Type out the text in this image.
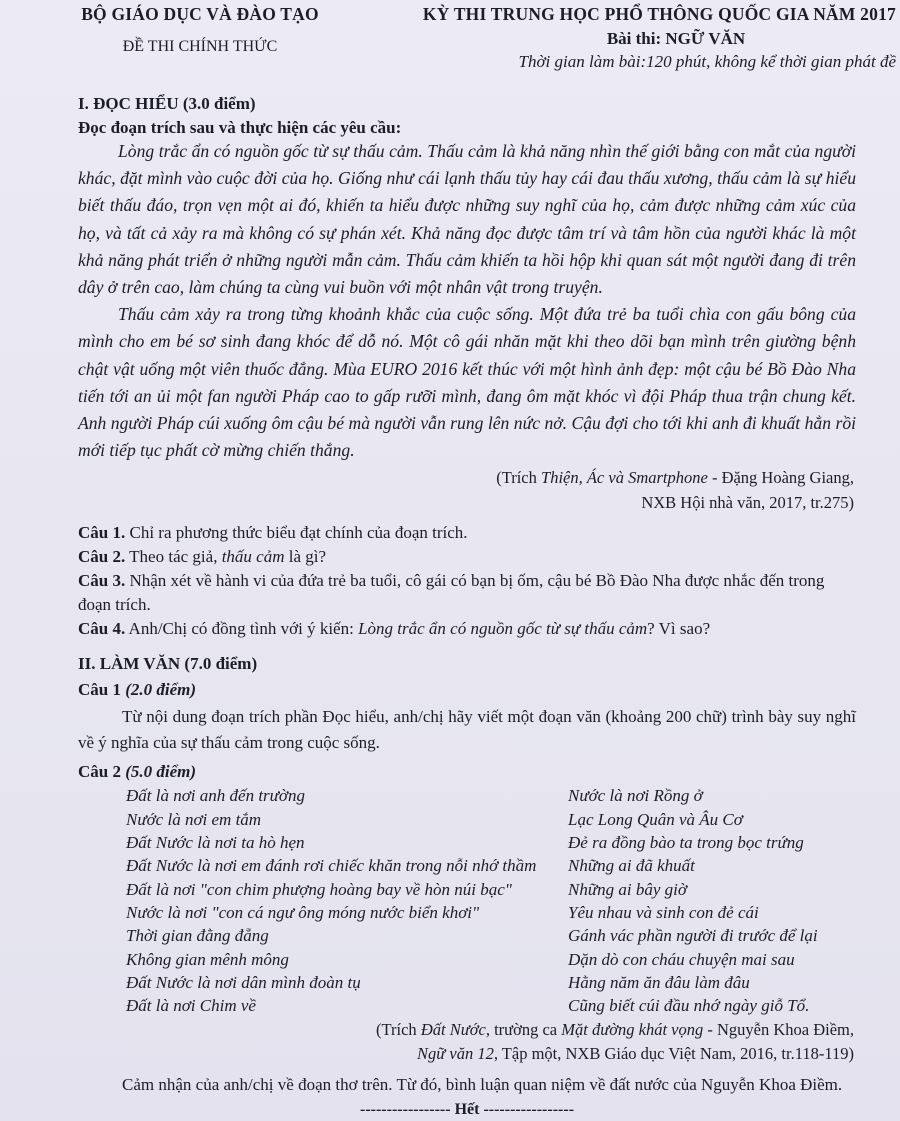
BỘ GIÁO DỤC VÀ ĐÀO TẠO
ĐỀ THI CHÍNH THỨC
KỲ THI TRUNG HỌC PHỔ THÔNG QUỐC GIA NĂM 2017
Bài thi: NGỮ VĂN
Thời gian làm bài:120 phút, không kể thời gian phát đề
I. ĐỌC HIỂU (3.0 điểm)
Đọc đoạn trích sau và thực hiện các yêu cầu:

Lòng trắc ẩn có nguồn gốc từ sự thấu cảm. Thấu cảm là khả năng nhìn thế giới bằng con mắt của người khác, đặt mình vào cuộc đời của họ. Giống như cái lạnh thấu tủy hay cái đau thấu xương, thấu cảm là sự hiểu biết thấu đáo, trọn vẹn một ai đó, khiến ta hiểu được những suy nghĩ của họ, cảm được những cảm xúc của họ, và tất cả xảy ra mà không có sự phán xét. Khả năng đọc được tâm trí và tâm hồn của người khác là một khả năng phát triển ở những người mẫn cảm. Thấu cảm khiến ta hồi hộp khi quan sát một người đang đi trên dây ở trên cao, làm chúng ta cùng vui buồn với một nhân vật trong truyện.

Thấu cảm xảy ra trong từng khoảnh khắc của cuộc sống. Một đứa trẻ ba tuổi chìa con gấu bông của mình cho em bé sơ sinh đang khóc để dỗ nó. Một cô gái nhăn mặt khi theo dõi bạn mình trên giường bệnh chật vật uống một viên thuốc đắng. Mùa EURO 2016 kết thúc với một hình ảnh đẹp: một cậu bé Bồ Đào Nha tiến tới an ủi một fan người Pháp cao to gấp rưỡi mình, đang ôm mặt khóc vì đội Pháp thua trận chung kết. Anh người Pháp cúi xuống ôm cậu bé mà người vẫn rung lên nức nở. Cậu đợi cho tới khi anh đi khuất hẳn rồi mới tiếp tục phất cờ mừng chiến thắng.

(Trích Thiện, Ác và Smartphone - Đặng Hoàng Giang,
NXB Hội nhà văn, 2017, tr.275)
Câu 1. Chỉ ra phương thức biểu đạt chính của đoạn trích.
Câu 2. Theo tác giả, thấu cảm là gì?
Câu 3. Nhận xét về hành vi của đứa trẻ ba tuổi, cô gái có bạn bị ốm, cậu bé Bồ Đào Nha được nhắc đến trong đoạn trích.
Câu 4. Anh/Chị có đồng tình với ý kiến: Lòng trắc ẩn có nguồn gốc từ sự thấu cảm? Vì sao?
II. LÀM VĂN (7.0 điểm)
Câu 1 (2.0 điểm)
Từ nội dung đoạn trích phần Đọc hiểu, anh/chị hãy viết một đoạn văn (khoảng 200 chữ) trình bày suy nghĩ về ý nghĩa của sự thấu cảm trong cuộc sống.
Câu 2 (5.0 điểm)
Đất là nơi anh đến trường
Nước là nơi em tắm
Đất Nước là nơi ta hò hẹn
Đất Nước là nơi em đánh rơi chiếc khăn trong nỗi nhớ thầm
Đất là nơi "con chim phượng hoàng bay về hòn núi bạc"
Nước là nơi "con cá ngư ông móng nước biển khơi"
Thời gian đằng đẵng
Không gian mênh mông
Đất Nước là nơi dân mình đoàn tụ
Đất là nơi Chim về
Nước là nơi Rồng ở
Lạc Long Quân và Âu Cơ
Đẻ ra đồng bào ta trong bọc trứng
Những ai đã khuất
Những ai bây giờ
Yêu nhau và sinh con đẻ cái
Gánh vác phần người đi trước để lại
Dặn dò con cháu chuyện mai sau
Hằng năm ăn đâu làm đâu
Cũng biết cúi đầu nhớ ngày giỗ Tổ.
(Trích Đất Nước, trường ca Mặt đường khát vọng - Nguyễn Khoa Điềm,
Ngữ văn 12, Tập một, NXB Giáo dục Việt Nam, 2016, tr.118-119)
Cảm nhận của anh/chị về đoạn thơ trên. Từ đó, bình luận quan niệm về đất nước của Nguyễn Khoa Điềm.
----------------- Hết -----------------
